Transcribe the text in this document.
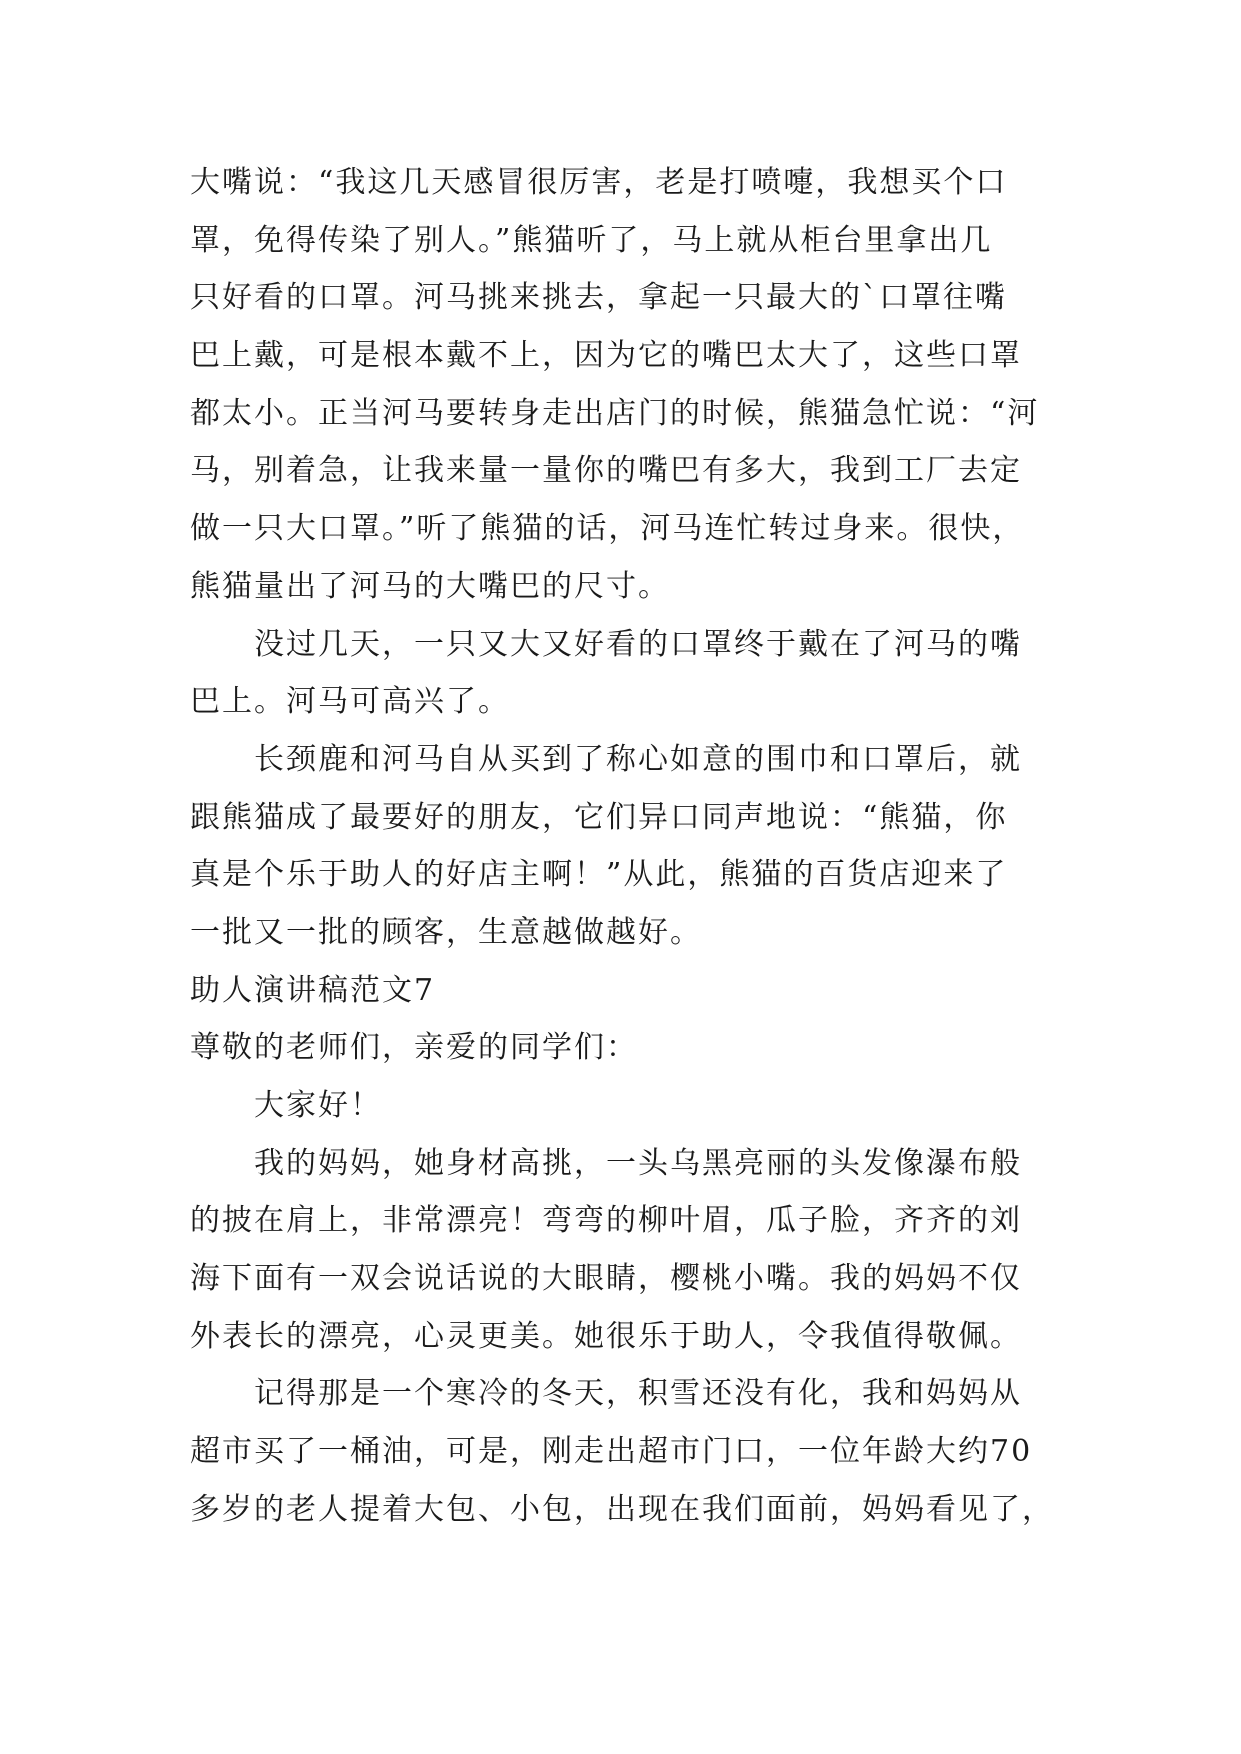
大嘴说：“我这几天感冒很厉害，老是打喷嚏，我想买个口
罩，免得传染了别人。”熊猫听了，马上就从柜台里拿出几
只好看的口罩。河马挑来挑去，拿起一只最大的`口罩往嘴
巴上戴，可是根本戴不上，因为它的嘴巴太大了，这些口罩
都太小。正当河马要转身走出店门的时候，熊猫急忙说：“河
马，别着急，让我来量一量你的嘴巴有多大，我到工厂去定
做一只大口罩。”听了熊猫的话，河马连忙转过身来。很快，
熊猫量出了河马的大嘴巴的尺寸。
没过几天，一只又大又好看的口罩终于戴在了河马的嘴
巴上。河马可高兴了。
长颈鹿和河马自从买到了称心如意的围巾和口罩后，就
跟熊猫成了最要好的朋友，它们异口同声地说：“熊猫，你
真是个乐于助人的好店主啊！”从此，熊猫的百货店迎来了
一批又一批的顾客，生意越做越好。
助人演讲稿范文7
尊敬的老师们，亲爱的同学们：
大家好！
我的妈妈，她身材高挑，一头乌黑亮丽的头发像瀑布般
的披在肩上，非常漂亮！弯弯的柳叶眉，瓜子脸，齐齐的刘
海下面有一双会说话说的大眼睛，樱桃小嘴。我的妈妈不仅
外表长的漂亮，心灵更美。她很乐于助人，令我值得敬佩。
记得那是一个寒冷的冬天，积雪还没有化，我和妈妈从
超市买了一桶油，可是，刚走出超市门口，一位年龄大约70
多岁的老人提着大包、小包，出现在我们面前，妈妈看见了，
